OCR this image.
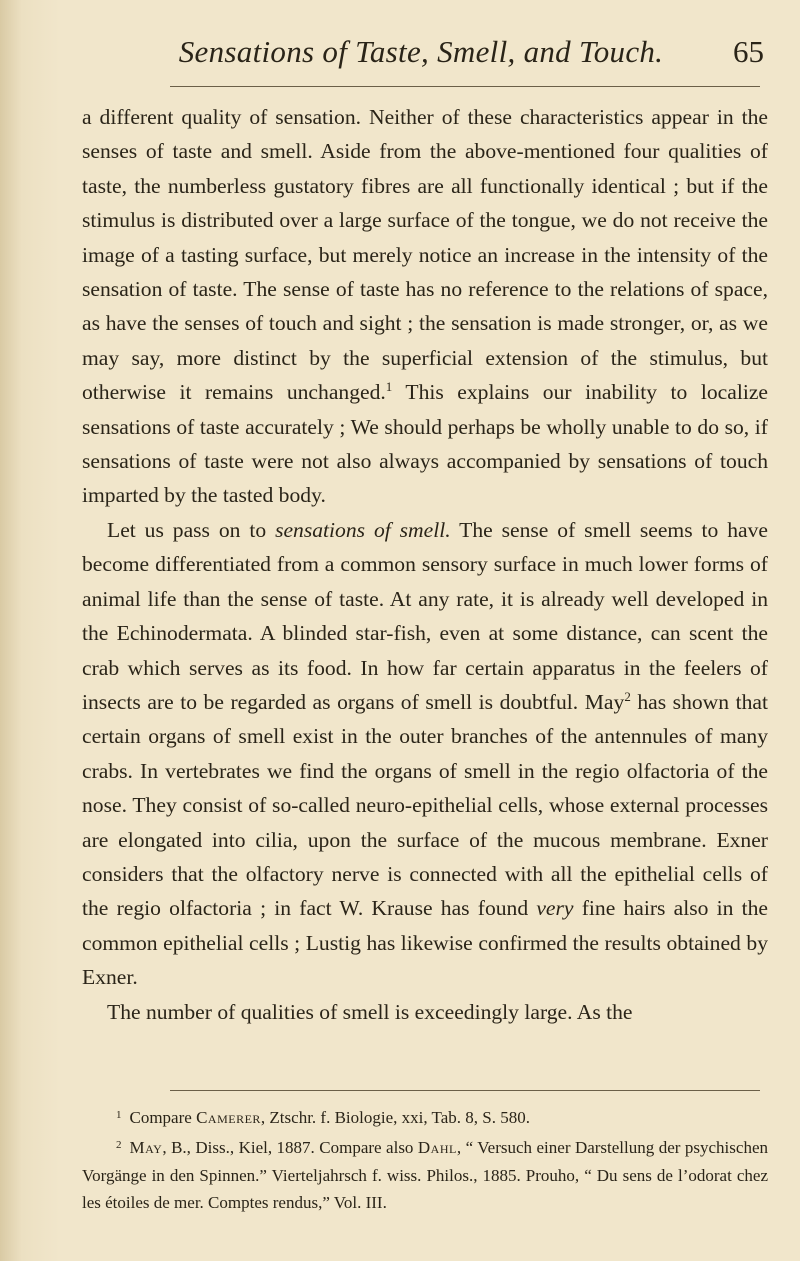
Sensations of Taste, Smell, and Touch.	65

a different quality of sensation. Neither of these characteristics appear in the senses of taste and smell. Aside from the above-mentioned four qualities of taste, the numberless gustatory fibres are all functionally identical ; but if the stimulus is distributed over a large surface of the tongue, we do not receive the image of a tasting surface, but merely notice an increase in the intensity of the sensation of taste. The sense of taste has no reference to the relations of space, as have the senses of touch and sight ; the sensation is made stronger, or, as we may say, more distinct by the superficial extension of the stimulus, but otherwise it remains unchanged.$^1$ This explains our inability to localize sensations of taste accurately ; We should perhaps be wholly unable to do so, if sensations of taste were not also always accompanied by sensations of touch imparted by the tasted body.

Let us pass on to sensations of smell. The sense of smell seems to have become differentiated from a common sensory surface in much lower forms of animal life than the sense of taste. At any rate, it is already well developed in the Echinodermata. A blinded star-fish, even at some distance, can scent the crab which serves as its food. In how far certain apparatus in the feelers of insects are to be regarded as organs of smell is doubtful. May$^2$ has shown that certain organs of smell exist in the outer branches of the antennules of many crabs. In vertebrates we find the organs of smell in the regio olfactoria of the nose. They consist of so-called neuro-epithelial cells, whose external processes are elongated into cilia, upon the surface of the mucous membrane. Exner considers that the olfactory nerve is connected with all the epithelial cells of the regio olfactoria ; in fact W. Krause has found very fine hairs also in the common epithelial cells ; Lustig has likewise confirmed the results obtained by Exner.

The number of qualities of smell is exceedingly large. As the

$^1$ Compare Camerer, Ztschr. f. Biologie, xxi, Tab. 8, S. 580.

$^2$ May, B., Diss., Kiel, 1887. Compare also Dahl, “ Versuch einer Darstellung der psychischen Vorgänge in den Spinnen.” Vierteljahrsch f. wiss. Philos., 1885. Prouho, “ Du sens de l’odorat chez les étoiles de mer. Comptes rendus,” Vol. III.
